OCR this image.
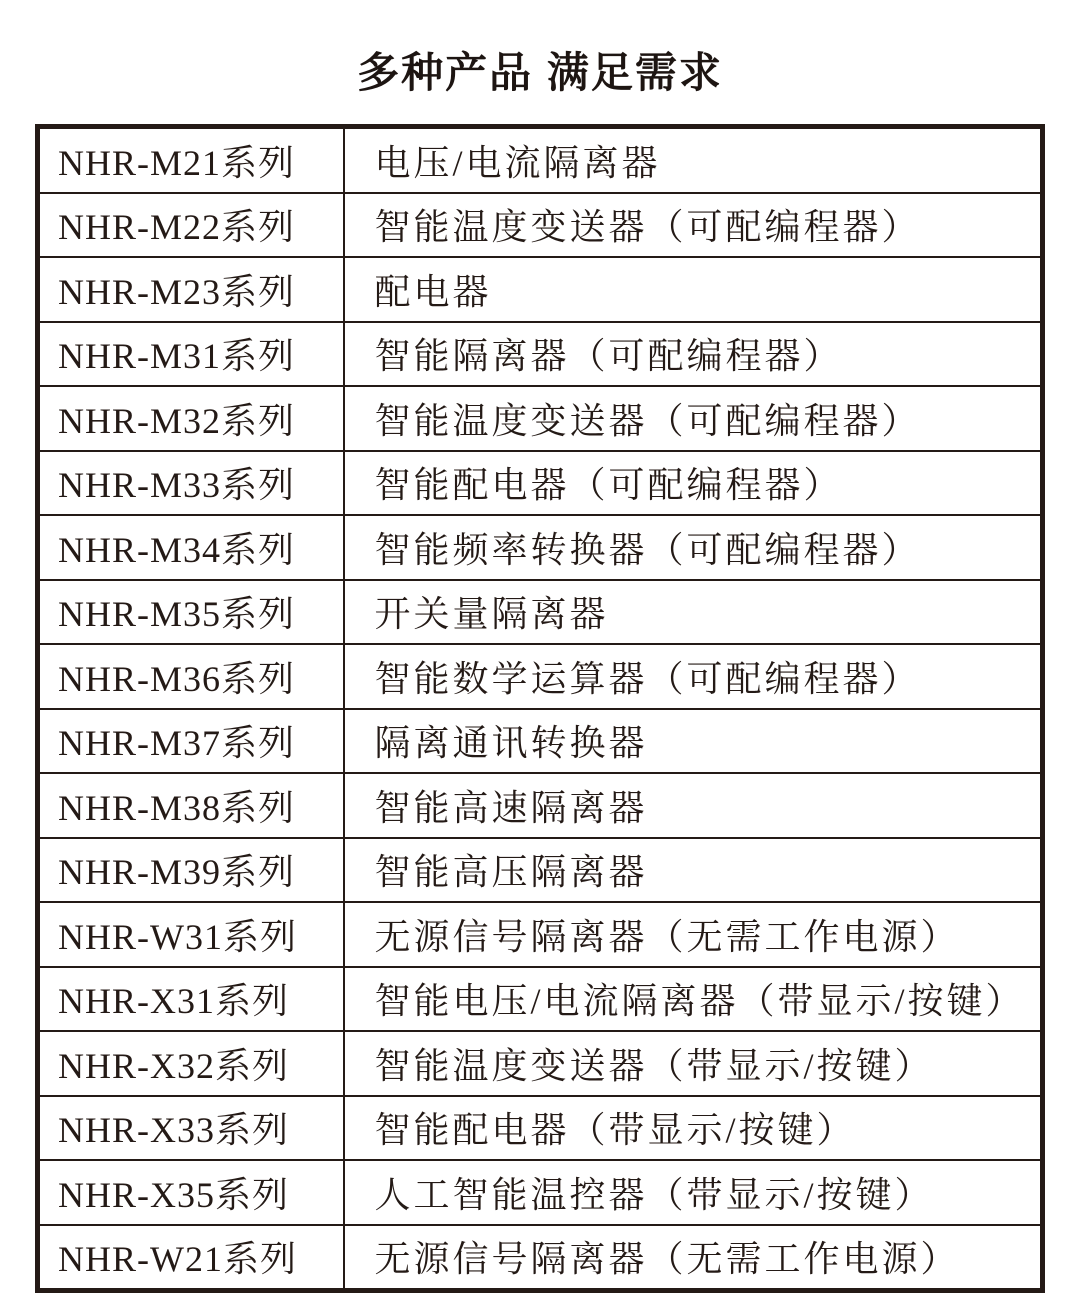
多种产品 满足需求
NHR-M21系列	电压/电流隔离器
NHR-M22系列	智能温度变送器（可配编程器）
NHR-M23系列	配电器
NHR-M31系列	智能隔离器（可配编程器）
NHR-M32系列	智能温度变送器（可配编程器）
NHR-M33系列	智能配电器（可配编程器）
NHR-M34系列	智能频率转换器（可配编程器）
NHR-M35系列	开关量隔离器
NHR-M36系列	智能数学运算器（可配编程器）
NHR-M37系列	隔离通讯转换器
NHR-M38系列	智能高速隔离器
NHR-M39系列	智能高压隔离器
NHR-W31系列	无源信号隔离器（无需工作电源）
NHR-X31系列	智能电压/电流隔离器（带显示/按键）
NHR-X32系列	智能温度变送器（带显示/按键）
NHR-X33系列	智能配电器（带显示/按键）
NHR-X35系列	人工智能温控器（带显示/按键）
NHR-W21系列	无源信号隔离器（无需工作电源）
